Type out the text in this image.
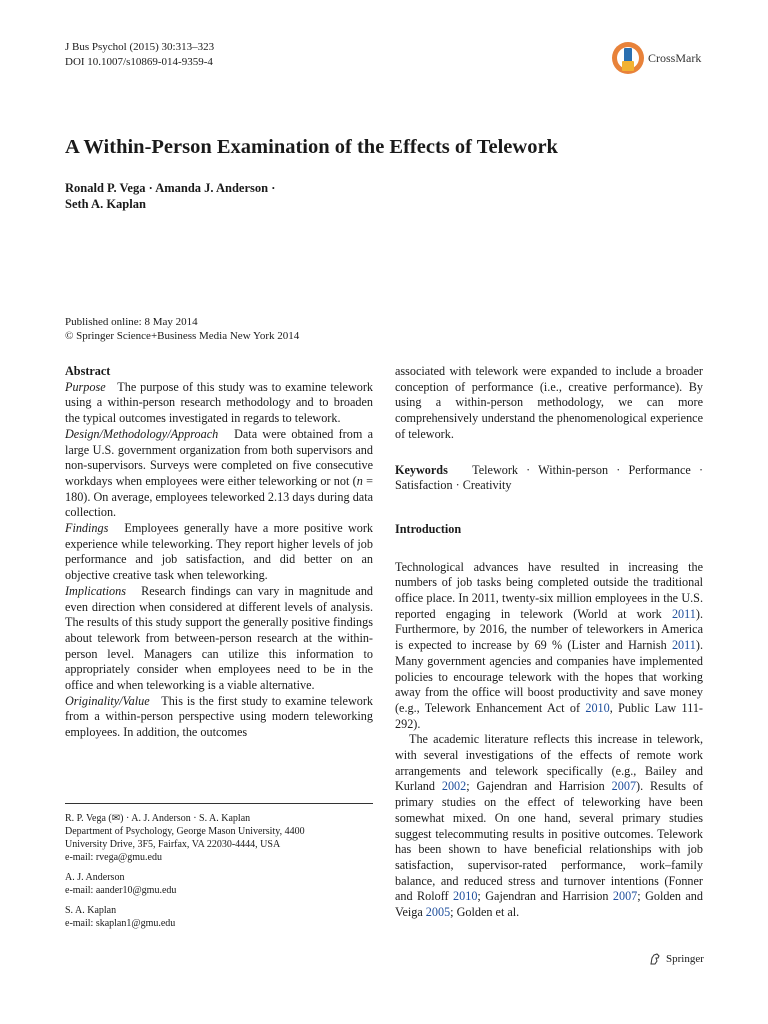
J Bus Psychol (2015) 30:313–323
DOI 10.1007/s10869-014-9359-4	CrossMark
A Within-Person Examination of the Effects of Telework
Ronald P. Vega · Amanda J. Anderson ·
Seth A. Kaplan
Published online: 8 May 2014
© Springer Science+Business Media New York 2014
Abstract

Purpose The purpose of this study was to examine telework using a within-person research methodology and to broaden the typical outcomes investigated in regards to telework.

Design/Methodology/Approach Data were obtained from a large U.S. government organization from both supervisors and non-supervisors. Surveys were completed on five consecutive workdays when employees were either teleworking or not (n = 180). On average, employees teleworked 2.13 days during data collection.

Findings Employees generally have a more positive work experience while teleworking. They report higher levels of job performance and job satisfaction, and did better on an objective creative task when teleworking.

Implications Research findings can vary in magnitude and even direction when considered at different levels of analysis. The results of this study support the generally positive findings about telework from between-person research at the within-person level. Managers can utilize this information to appropriately consider when employees need to be in the office and when teleworking is a viable alternative.

Originality/Value This is the first study to examine telework from a within-person perspective using modern teleworking employees. In addition, the outcomes

R. P. Vega (✉) · A. J. Anderson · S. A. Kaplan
Department of Psychology, George Mason University, 4400
University Drive, 3F5, Fairfax, VA 22030-4444, USA
e-mail: rvega@gmu.edu
A. J. Anderson
e-mail: aander10@gmu.edu
S. A. Kaplan
e-mail: skaplan1@gmu.edu

associated with telework were expanded to include a broader conception of performance (i.e., creative performance). By using a within-person methodology, we can more comprehensively understand the phenomenological experience of telework.

Keywords Telework · Within-person · Performance · Satisfaction · Creativity

Introduction

Technological advances have resulted in increasing the numbers of job tasks being completed outside the traditional office place. In 2011, twenty-six million employees in the U.S. reported engaging in telework (World at work 2011). Furthermore, by 2016, the number of teleworkers in America is expected to increase by 69 % (Lister and Harnish 2011). Many government agencies and companies have implemented policies to encourage telework with the hopes that working away from the office will boost productivity and save money (e.g., Telework Enhancement Act of 2010, Public Law 111-292).

The academic literature reflects this increase in telework, with several investigations of the effects of remote work arrangements and telework specifically (e.g., Bailey and Kurland 2002; Gajendran and Harrision 2007). Results of primary studies on the effect of teleworking have been somewhat mixed. On one hand, several primary studies suggest telecommuting results in positive outcomes. Telework has been shown to have beneficial relationships with job satisfaction, supervisor-rated performance, work–family balance, and reduced stress and turnover intentions (Fonner and Roloff 2010; Gajendran and Harrision 2007; Golden and Veiga 2005; Golden et al.

Springer
